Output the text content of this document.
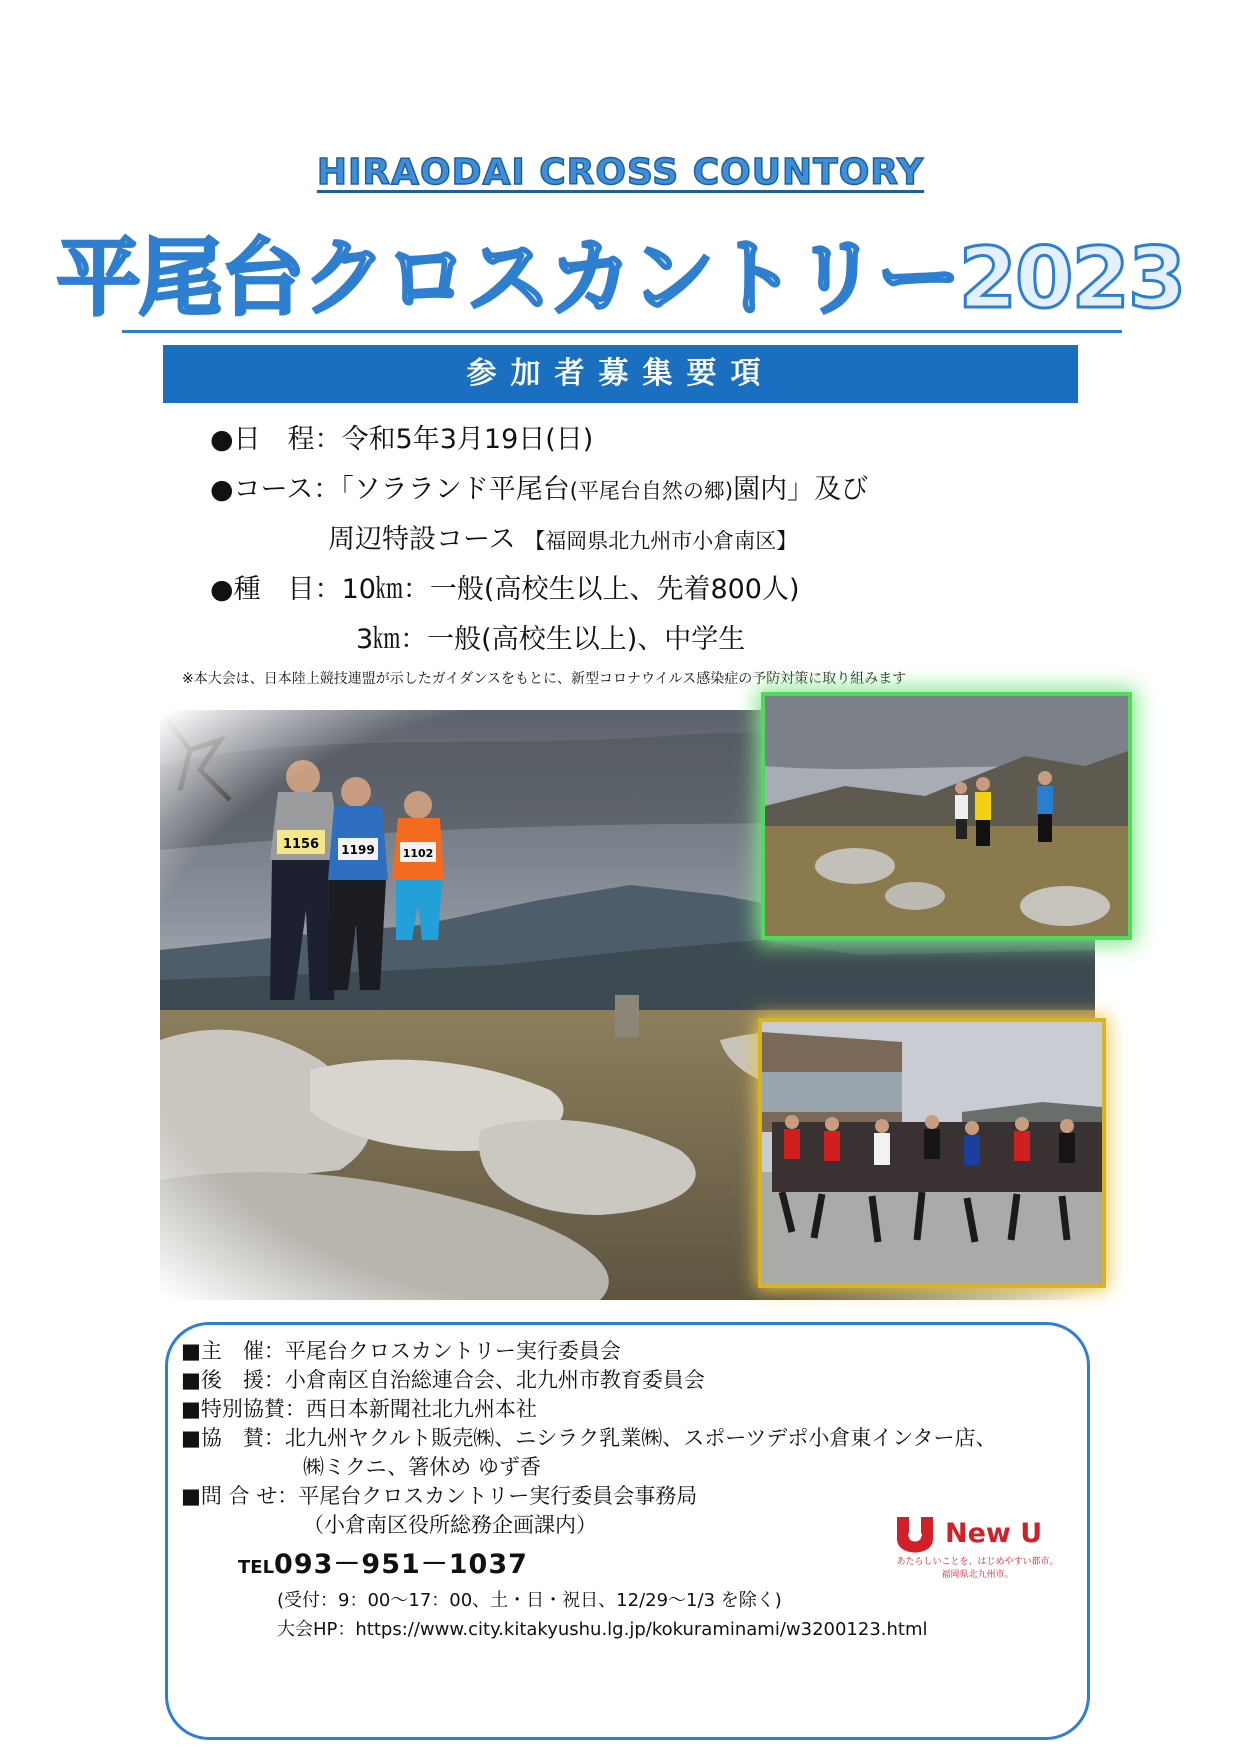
HIRAODAI CROSS COUNTORY
平尾台クロスカントリー2023
参加者募集要項
●日　程：令和5年3月19日(日)
●コース：「ソラランド平尾台(平尾台自然の郷)園内」及び
周辺特設コース 【福岡県北九州市小倉南区】
●種　目：10㎞：一般(高校生以上、先着800人)
3㎞：一般(高校生以上)、中学生
※本大会は、日本陸上競技連盟が示したガイダンスをもとに、新型コロナウイルス感染症の予防対策に取り組みます
■主　催：平尾台クロスカントリー実行委員会
■後　援：小倉南区自治総連合会、北九州市教育委員会
■特別協賛：西日本新聞社北九州本社
■協　賛：北九州ヤクルト販売㈱、ニシラク乳業㈱、スポーツデポ小倉東インター店、
㈱ミクニ、箸休め ゆず香
■問 合 せ：平尾台クロスカントリー実行委員会事務局
（小倉南区役所総務企画課内）
TEL093－951－1037
(受付：9：00～17：00、土・日・祝日、12/29～1/3 を除く)
大会HP：https://www.city.kitakyushu.lg.jp/kokuraminami/w3200123.html
New U
あたらしいことを、はじめやすい都市。
福岡県北九州市。
